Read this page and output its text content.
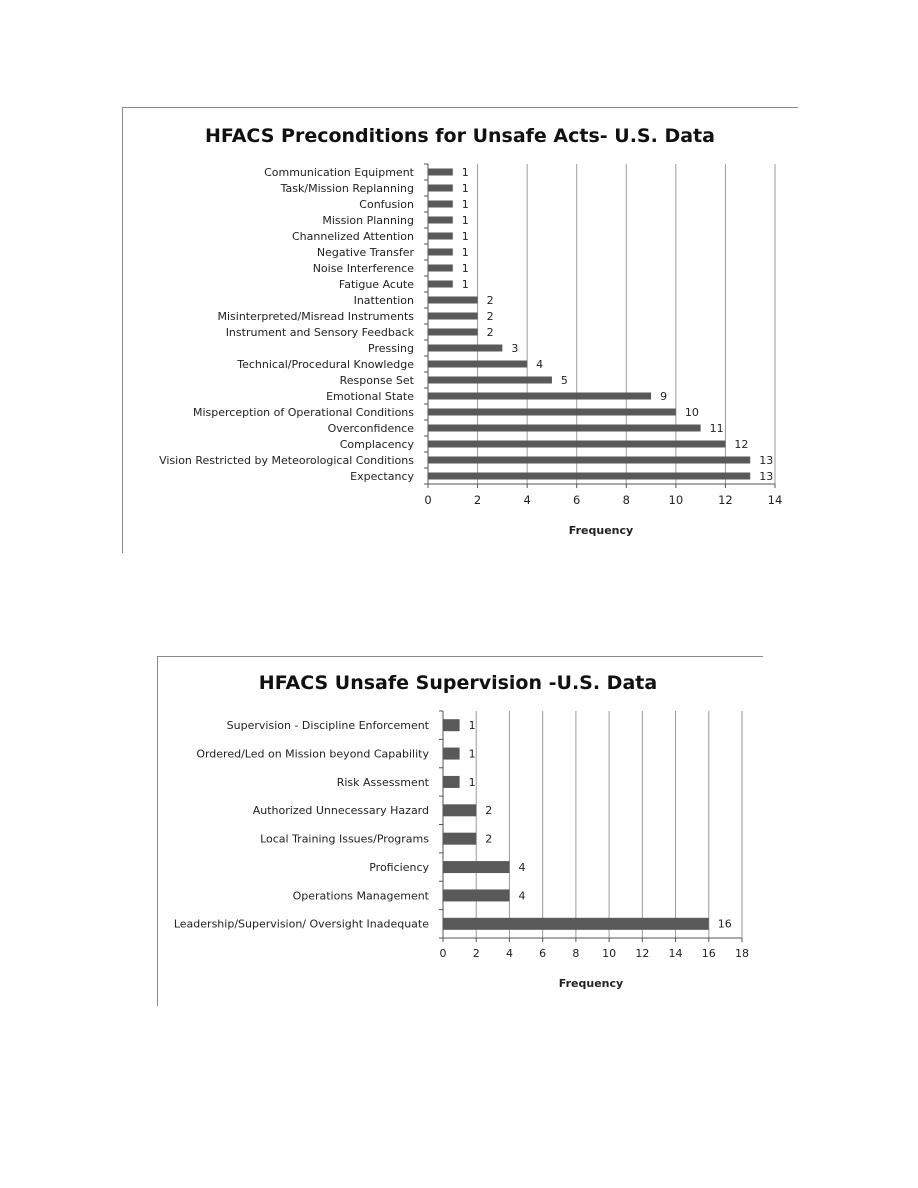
HFACS Preconditions for Unsafe Acts- U.S. Data
Frequency
0	2	4	6	8	10	12	14
Communication Equipment	1
Task/Mission Replanning	1
Confusion	1
Mission Planning	1
Channelized Attention	1
Negative Transfer	1
Noise Interference	1
Fatigue Acute	1
Inattention	2
Misinterpreted/Misread Instruments	2
Instrument and Sensory Feedback	2
Pressing	3
Technical/Procedural Knowledge	4
Response Set	5
Emotional State	9
Misperception of Operational Conditions	10
Overconfidence	11
Complacency	12
Vision Restricted by Meteorological Conditions	13
Expectancy	13
HFACS Unsafe Supervision -U.S. Data
Frequency
0 2 4 6 8 10 12 14 16 18
Supervision - Discipline Enforcement	1
Ordered/Led on Mission beyond Capability	1
Risk Assessment	1
Authorized Unnecessary Hazard	2
Local Training Issues/Programs	2
Proficiency	4
Operations Management	4
Leadership/Supervision/ Oversight Inadequate	16
